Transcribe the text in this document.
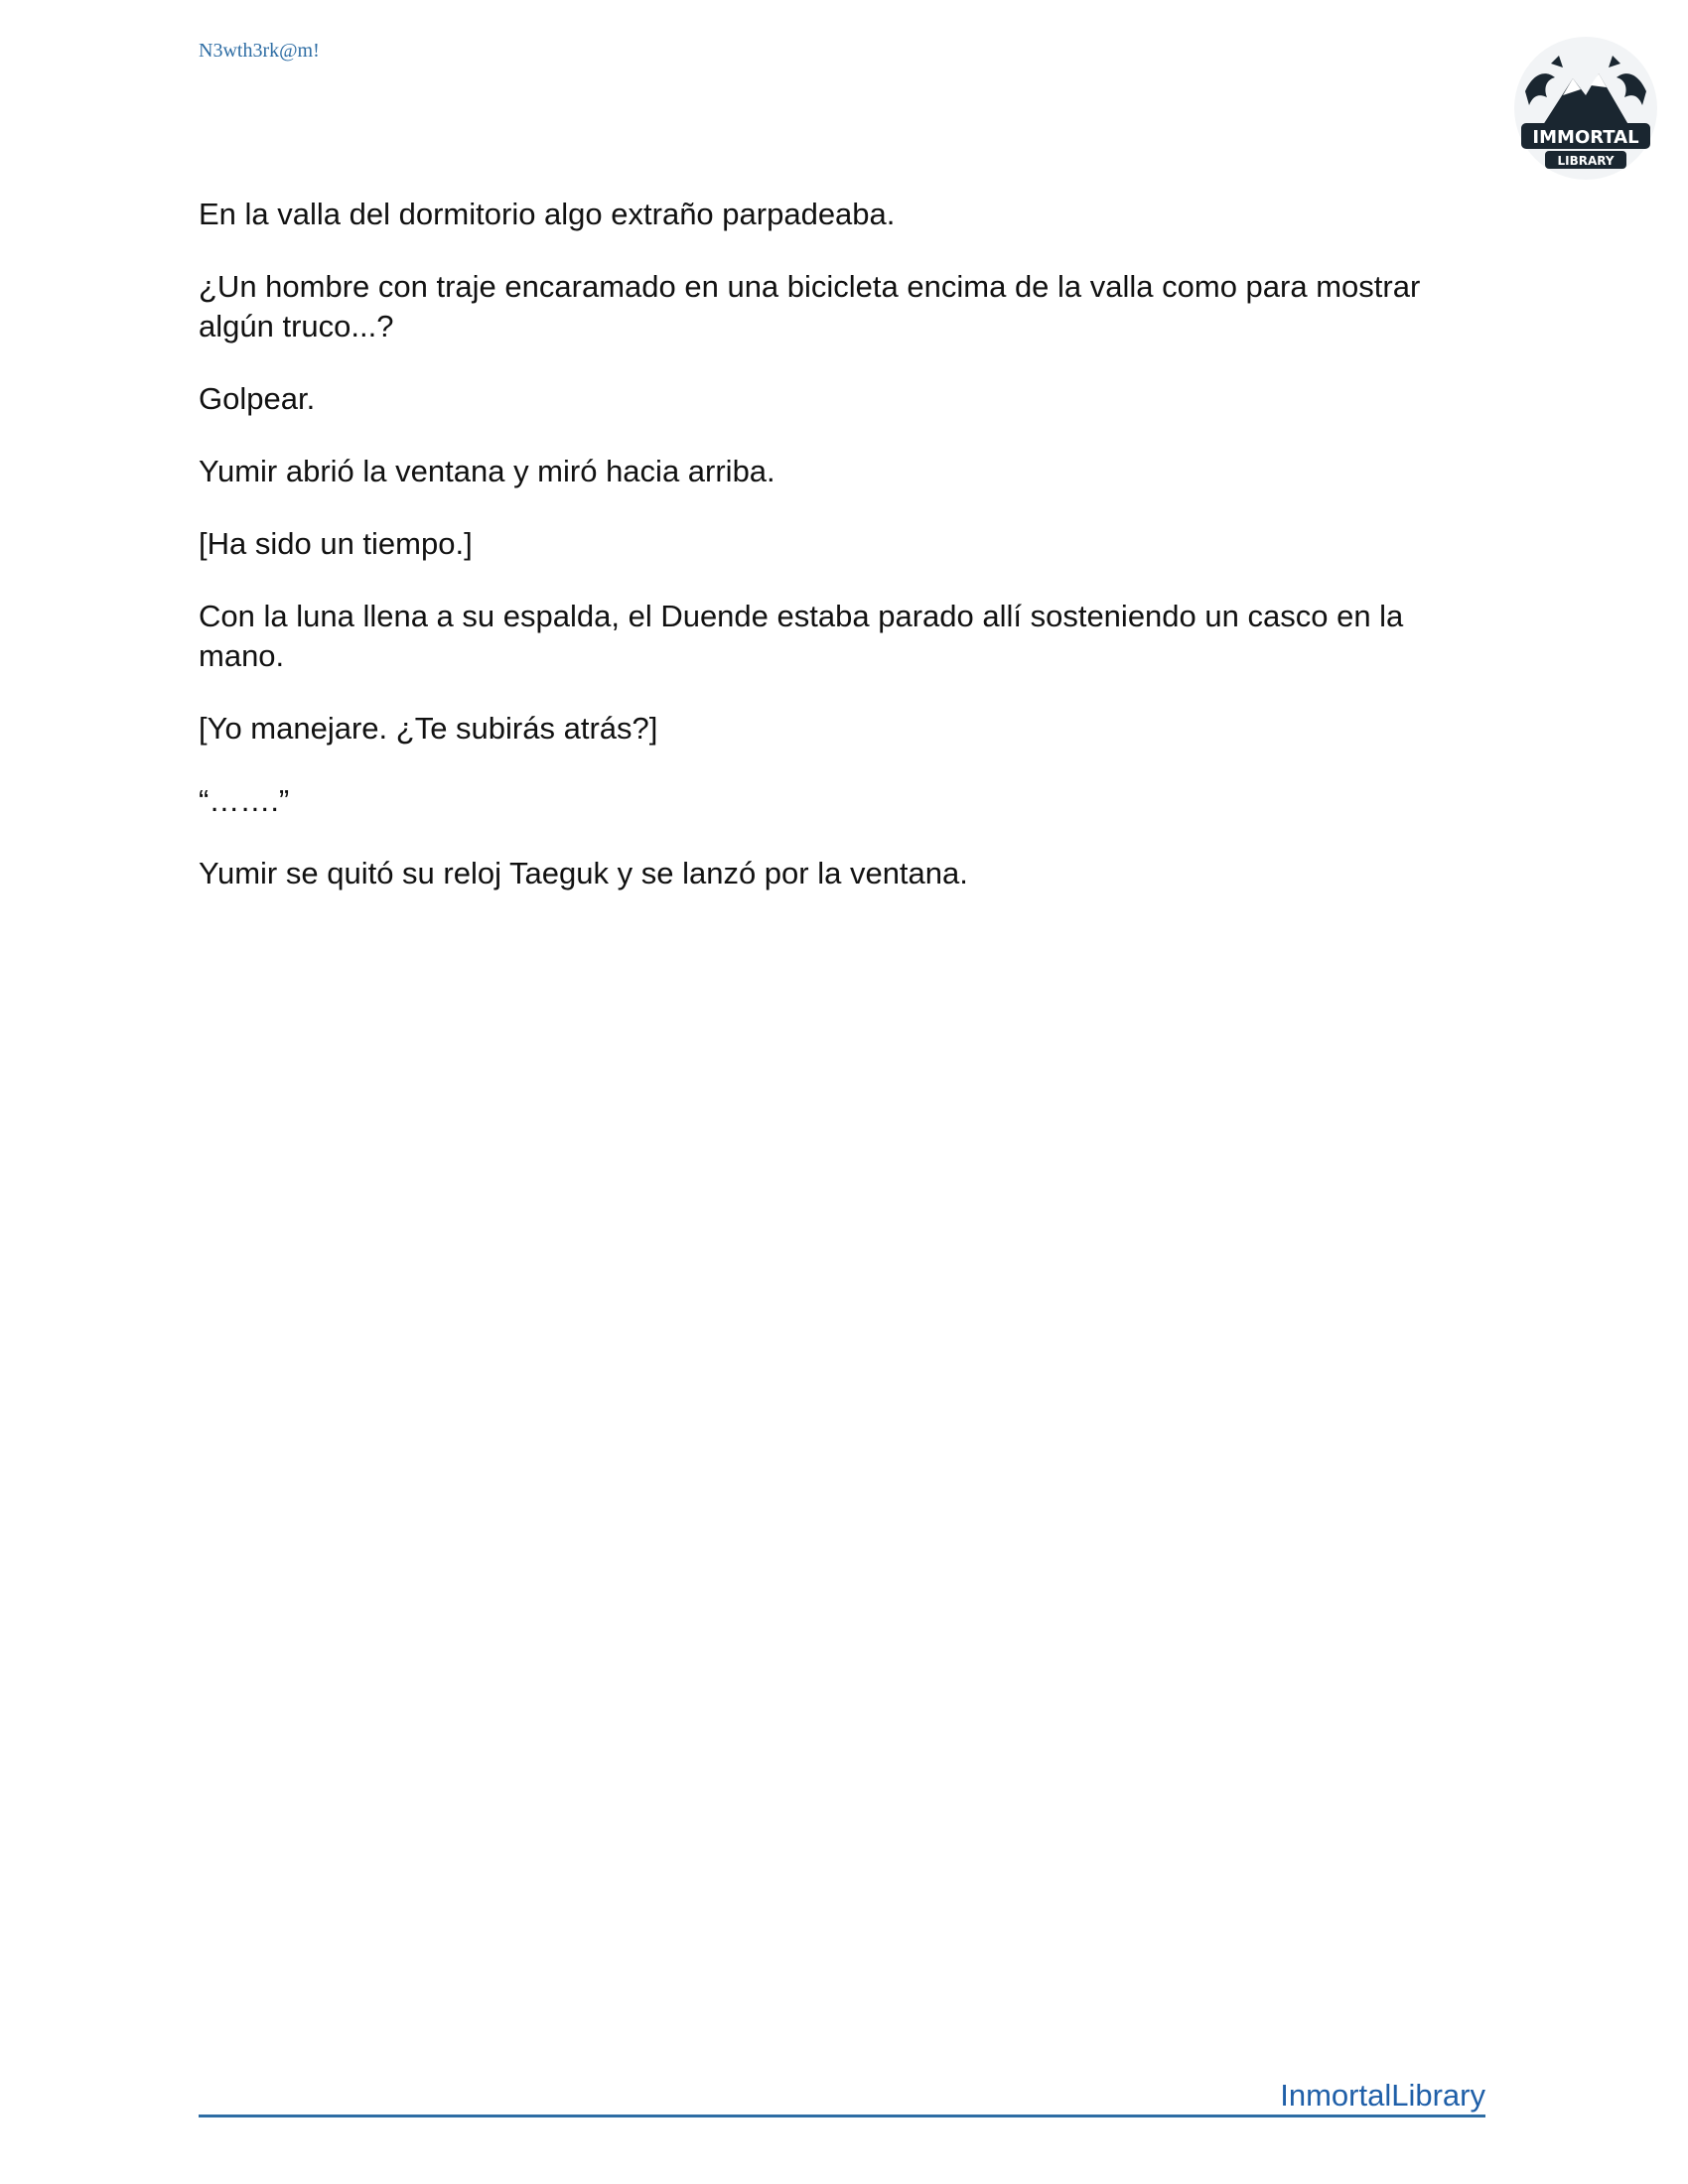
N3wth3rk@m!
IMMORTAL
LIBRARY

En la valla del dormitorio algo extraño parpadeaba.

¿Un hombre con traje encaramado en una bicicleta encima de la valla como para mostrar algún truco...?

Golpear.

Yumir abrió la ventana y miró hacia arriba.

[Ha sido un tiempo.]

Con la luna llena a su espalda, el Duende estaba parado allí sosteniendo un casco en la mano.

[Yo manejare. ¿Te subirás atrás?]

“…….”

Yumir se quitó su reloj Taeguk y se lanzó por la ventana.

InmortalLibrary
